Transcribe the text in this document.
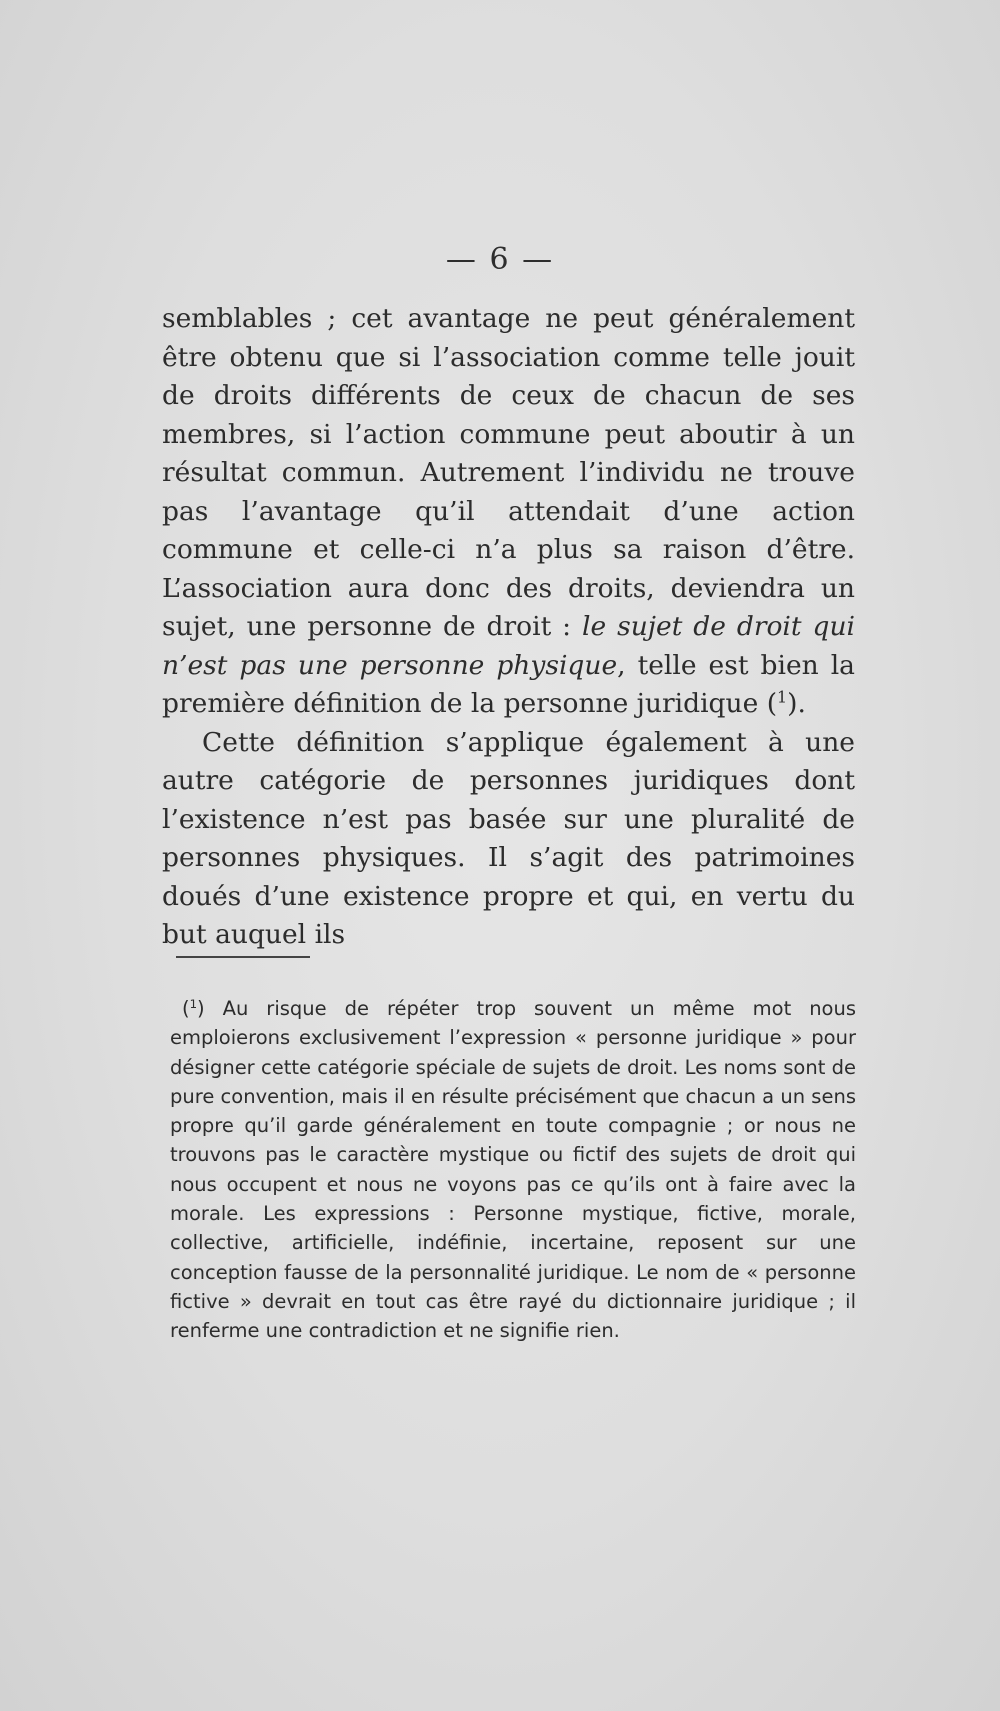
— 6 —

semblables ; cet avantage ne peut généralement être obtenu que si l’association comme telle jouit de droits différents de ceux de chacun de ses membres, si l’action commune peut aboutir à un résultat commun. Autrement l’individu ne trouve pas l’avantage qu’il attendait d’une action commune et celle-ci n’a plus sa raison d’être. L’association aura donc des droits, deviendra un sujet, une personne de droit : le sujet de droit qui n’est pas une personne physique, telle est bien la première définition de la personne juridique ($^1$).

Cette définition s’applique également à une autre catégorie de personnes juridiques dont l’existence n’est pas basée sur une pluralité de personnes physiques. Il s’agit des patrimoines doués d’une existence propre et qui, en vertu du but auquel ils

($^1$) Au risque de répéter trop souvent un même mot nous emploierons exclusivement l’expression « personne juridique » pour désigner cette catégorie spéciale de sujets de droit. Les noms sont de pure convention, mais il en résulte précisément que chacun a un sens propre qu’il garde généralement en toute compagnie ; or nous ne trouvons pas le caractère mystique ou fictif des sujets de droit qui nous occupent et nous ne voyons pas ce qu’ils ont à faire avec la morale. Les expressions : Personne mystique, fictive, morale, collective, artificielle, indéfinie, incertaine, reposent sur une conception fausse de la personnalité juridique. Le nom de « personne fictive » devrait en tout cas être rayé du dictionnaire juridique ; il renferme une contradiction et ne signifie rien.
